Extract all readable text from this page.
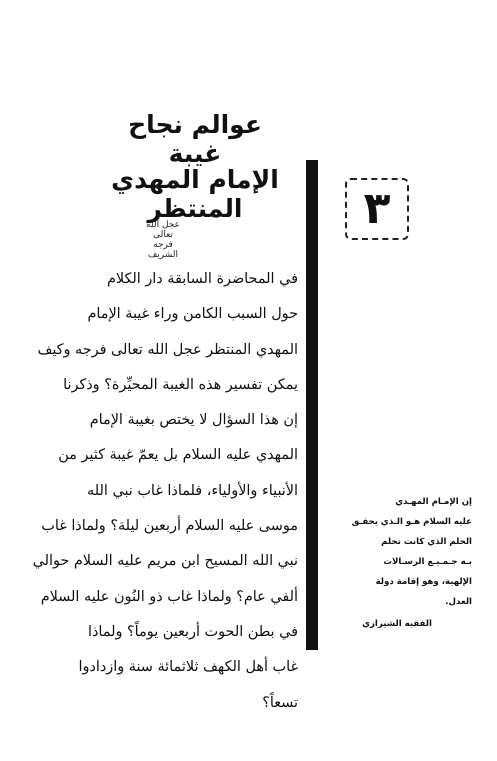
٣
عوالم نجاح غيبة
الإمام المهدي المنتظر
عجل الله تعالى
فرجه الشريف
في المحاضرة السابقة دار الكلام
حول السبب الكامن وراء غيبة الإمام
المهدي المنتظر عجل الله تعالى فرجه وكيف
يمكن تفسير هذه الغيبة المحيِّرة؟ وذكرنا
إن هذا السؤال لا يختص بغيبة الإمام
المهدي عليه السلام بل يعمّ غيبة كثير من
الأنبياء والأولياء، فلماذا غاب نبي الله
موسى عليه السلام أربعين ليلة؟ ولماذا غاب
نبي الله المسيح ابن مريم عليه السلام حوالي
ألفي عام؟ ولماذا غاب ذو النُون عليه السلام
في بطن الحوت أربعين يوماً؟ ولماذا
غاب أهل الكهف ثلاثمائة سنة وازدادوا
تسعاً؟
إن الإمـام المهـدي
عليه السلام هـو الـذي يحقـق
الحلم الذي كانت تحلم
بـه جـمـيـع الرسـالات
الإلهية، وهو إقامة دولة
العدل.
الفقيه الشيرازي
